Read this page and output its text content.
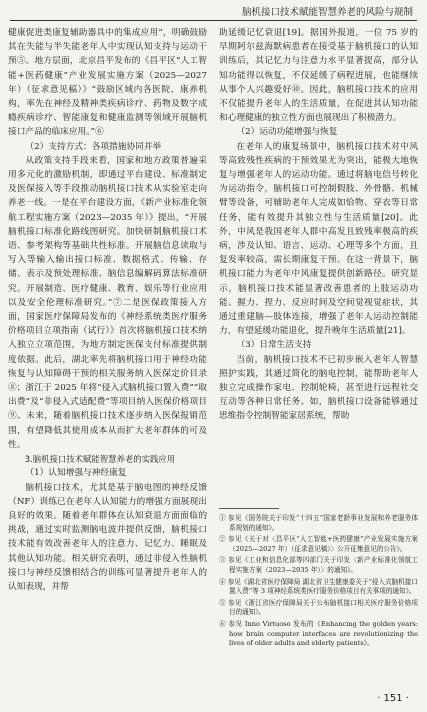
脑机接口技术赋能智慧养老的风险与规制

健康促进类康复辅助器具中的集成应用”，明确鼓励其在失能与半失能老年人中实现认知支持与运动干预⑤。地方层面，北京昌平发布的《昌平区“人工智能+医药健康”产业发展实施方案（2025—2027 年）（征求意见稿）》“鼓励区域内各医院、康养机构，率先在神经及精神类疾病诊疗、药物及数字成瘾疾病诊疗、智能康复和健康监测等领域开展脑机接口产品的临床应用。”⑥

（2）支持方式：各项措施协同并举

从政策支持手段来看，国家和地方政策普遍采用多元化的激励机制，即通过平台建设、标准制定及医保接入等手段推动脑机接口技术从实验室走向养老一线。一是在平台建设方面，《新产业标准化领航工程实施方案（2023—2035 年）》提出，“开展脑机接口标准化路线图研究。加快研制脑机接口术语、参考架构等基础共性标准。开展脑信息读取与写入等输入输出接口标准、数据格式、传输、存储、表示及预处理标准、脑信息编解码算法标准研究。开展制造、医疗健康、教育、娱乐等行业应用以及安全伦理标准研究。”⑦二是医保政策接入方面，国家医疗保障局发布的《神经系统类医疗服务价格项目立项指南（试行）》首次将脑机接口技术纳入独立立项范围，为地方制定医保支付标准提供制度依据。此后，湖北率先将脑机接口用于神经功能恢复与认知障碍干预的相关服务纳入医保定价目录⑧；浙江于 2025 年将“侵入式脑机接口置入费”“取出费”及“非侵入式适配费”等项目纳入医保价格项目⑨。未来，随着脑机接口技术逐步纳入医保报销范围，有望降低其使用成本从而扩大老年群体的可及性。

3.脑机接口技术赋能智慧养老的实践应用

（1）认知增强与神经康复

脑机接口技术，尤其是基于脑电图的神经反馈（NF）训练已在老年人认知能力的增强方面展现出良好的效果。随着老年群体在认知衰退方面面临的挑战，通过实时监测脑电波并提供反馈，脑机接口技术能有效改善老年人的注意力、记忆力、睡眠及其他认知功能。相关研究表明，通过非侵入性脑机接口与神经反馈相结合的训练可显著提升老年人的认知表现，并帮

助延缓记忆衰退[19]。据国外报道，一位 75 岁的早期阿尔兹海默病患者在接受基于脑机接口的认知训练后，其记忆力与注意力水平显著提高，部分认知功能得以恢复，不仅延缓了病程进展，也能继续从事个人兴趣爱好⑩。因此，脑机接口技术的应用不仅能提升老年人的生活质量，在促进其认知功能和心理健康的独立性方面也展现出了积极潜力。

（2）运动功能增强与恢复

在老年人的康复场景中，脑机接口技术对中风等高致残性疾病的干预效果尤为突出，能极大地恢复与增强老年人的运动功能。通过将脑电信号转化为运动指令，脑机接口可控制假肢、外骨骼、机械臂等设备，可辅助老年人完成如恰物、穿衣等日常任务，能有效提升其独立性与生活质量[20]。此外，中风是我国老年人群中高发且致残率极高的疾病，涉及认知、语言、运动、心理等多个方面，且复发率较高，需长期康复干预。在这一背景下，脑机接口能力为老年中风康复提供创新路径。研究显示，脑机接口技术能显著改善患者的上肢运动功能、握力、捏力、反应时间及空间觉视觉症状，其通过重建脑—肢体连接，增强了老年人运动控制能力，有望延缓功能退化，提升晚年生活质量[21]。

（3）日常生活支持

当前，脑机接口技术不已初步嵌入老年人智慧照护实践，其通过简化的脑电控制，能帮助老年人独立完成操作家电、控制轮椅，甚至进行远程社交互动等各种日常任务。如，脑机接口设备能够通过思维指令控制智能家居系统，帮助

① 参见《国务院关于印发“十四五”国家老龄事业发展和养老服务体系规划的通知》。

② 参见《关于对〈昌平区“人工智能+医药健康”产业发展实施方案（2025—2027 年）（征求意见稿）〉公开征集意见的公告》。

③ 参见《工业和信息化部等四部门关于印发〈新产业标准化领航工程实施方案（2023—2035 年）〉的通知》。

④ 参见《湖北省医疗保障局 湖北省卫生健康委关于“侵入式脑机接口置入费”等 3 项神经系统类医疗服务价格项目有关事项的通知》。

⑤ 参见《浙江省医疗保障局关于公布脑机接口相关医疗服务价格项目的通知》。

⑥ 参见 Inno Virtuoso 发布的《Enhancing the golden years: how brain computer interfaces are revolutionizing the lives of older adults and elderly patients》。

· 151 ·
